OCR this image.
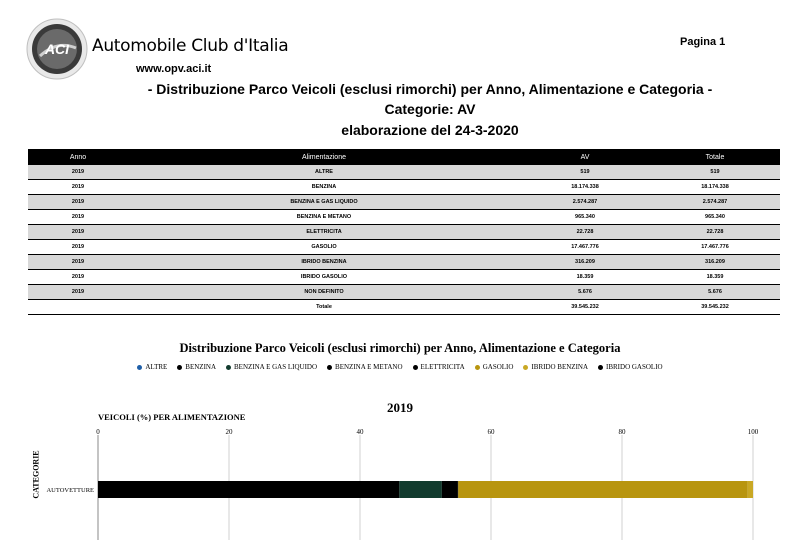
ACI Automobile Club d'Italia
www.opv.aci.it
Pagina 1
- Distribuzione Parco Veicoli (esclusi rimorchi) per Anno, Alimentazione e Categoria -
Categorie: AV
elaborazione del 24-3-2020
Anno	Alimentazione	AV	Totale
2019	ALTRE	519	519
2019	BENZINA	18.174.338	18.174.338
2019	BENZINA E GAS LIQUIDO	2.574.287	2.574.287
2019	BENZINA E METANO	965.340	965.340
2019	ELETTRICITA	22.728	22.728
2019	GASOLIO	17.467.776	17.467.776
2019	IBRIDO BENZINA	316.209	316.209
2019	IBRIDO GASOLIO	18.359	18.359
2019	NON DEFINITO	5.676	5.676
	Totale	39.545.232	39.545.232
Distribuzione Parco Veicoli (esclusi rimorchi) per Anno, Alimentazione e Categoria
ALTRE	BENZINA	BENZINA E GAS LIQUIDO	BENZINA E METANO	ELETTRICITA	GASOLIO	IBRIDO BENZINA	IBRIDO GASOLIO
2019
VEICOLI (%) PER ALIMENTAZIONE
CATEGORIE
0	20	40	60	80	100
AUTOVETTURE
